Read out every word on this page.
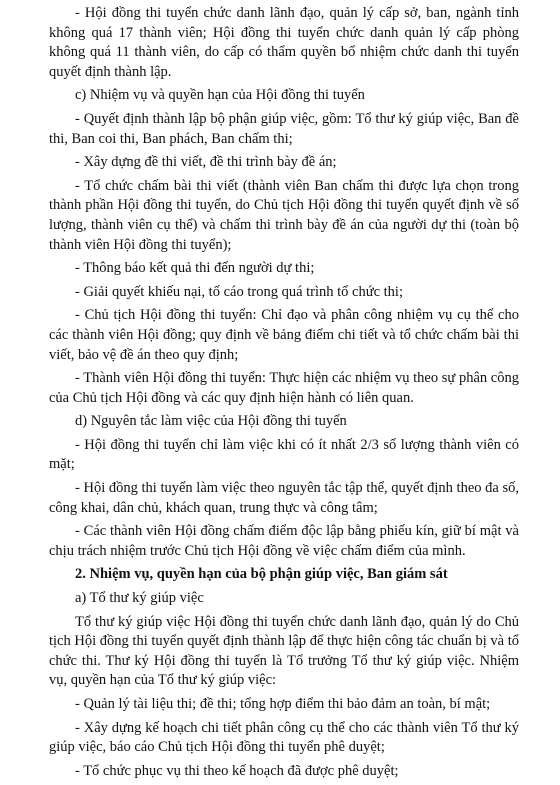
- Hội đồng thi tuyển chức danh lãnh đạo, quản lý cấp sở, ban, ngành tỉnh không quá 17 thành viên; Hội đồng thi tuyển chức danh quản lý cấp phòng không quá 11 thành viên, do cấp có thẩm quyền bổ nhiệm chức danh thi tuyển quyết định thành lập.

c) Nhiệm vụ và quyền hạn của Hội đồng thi tuyển

- Quyết định thành lập bộ phận giúp việc, gồm: Tổ thư ký giúp việc, Ban đề thi, Ban coi thi, Ban phách, Ban chấm thi;

- Xây dựng đề thi viết, đề thi trình bày đề án;

- Tổ chức chấm bài thi viết (thành viên Ban chấm thi được lựa chọn trong thành phần Hội đồng thi tuyển, do Chủ tịch Hội đồng thi tuyển quyết định về số lượng, thành viên cụ thể) và chấm thi trình bày đề án của người dự thi (toàn bộ thành viên Hội đồng thi tuyển);

- Thông báo kết quả thi đến người dự thi;

- Giải quyết khiếu nại, tố cáo trong quá trình tổ chức thi;

- Chủ tịch Hội đồng thi tuyển: Chỉ đạo và phân công nhiệm vụ cụ thể cho các thành viên Hội đồng; quy định về bảng điểm chi tiết và tổ chức chấm bài thi viết, bảo vệ đề án theo quy định;

- Thành viên Hội đồng thi tuyển: Thực hiện các nhiệm vụ theo sự phân công của Chủ tịch Hội đồng và các quy định hiện hành có liên quan.

d) Nguyên tắc làm việc của Hội đồng thi tuyển

- Hội đồng thi tuyển chỉ làm việc khi có ít nhất 2/3 số lượng thành viên có mặt;

- Hội đồng thi tuyển làm việc theo nguyên tắc tập thể, quyết định theo đa số, công khai, dân chủ, khách quan, trung thực và công tâm;

- Các thành viên Hội đồng chấm điểm độc lập bằng phiếu kín, giữ bí mật và chịu trách nhiệm trước Chủ tịch Hội đồng về việc chấm điểm của mình.

2. Nhiệm vụ, quyền hạn của bộ phận giúp việc, Ban giám sát

a) Tổ thư ký giúp việc

Tổ thư ký giúp việc Hội đồng thi tuyển chức danh lãnh đạo, quản lý do Chủ tịch Hội đồng thi tuyển quyết định thành lập để thực hiện công tác chuẩn bị và tổ chức thi. Thư ký Hội đồng thi tuyển là Tổ trưởng Tổ thư ký giúp việc. Nhiệm vụ, quyền hạn của Tổ thư ký giúp việc:

- Quản lý tài liệu thi; đề thi; tổng hợp điểm thi bảo đảm an toàn, bí mật;

- Xây dựng kế hoạch chi tiết phân công cụ thể cho các thành viên Tổ thư ký giúp việc, báo cáo Chủ tịch Hội đồng thi tuyển phê duyệt;

- Tổ chức phục vụ thi theo kế hoạch đã được phê duyệt;
